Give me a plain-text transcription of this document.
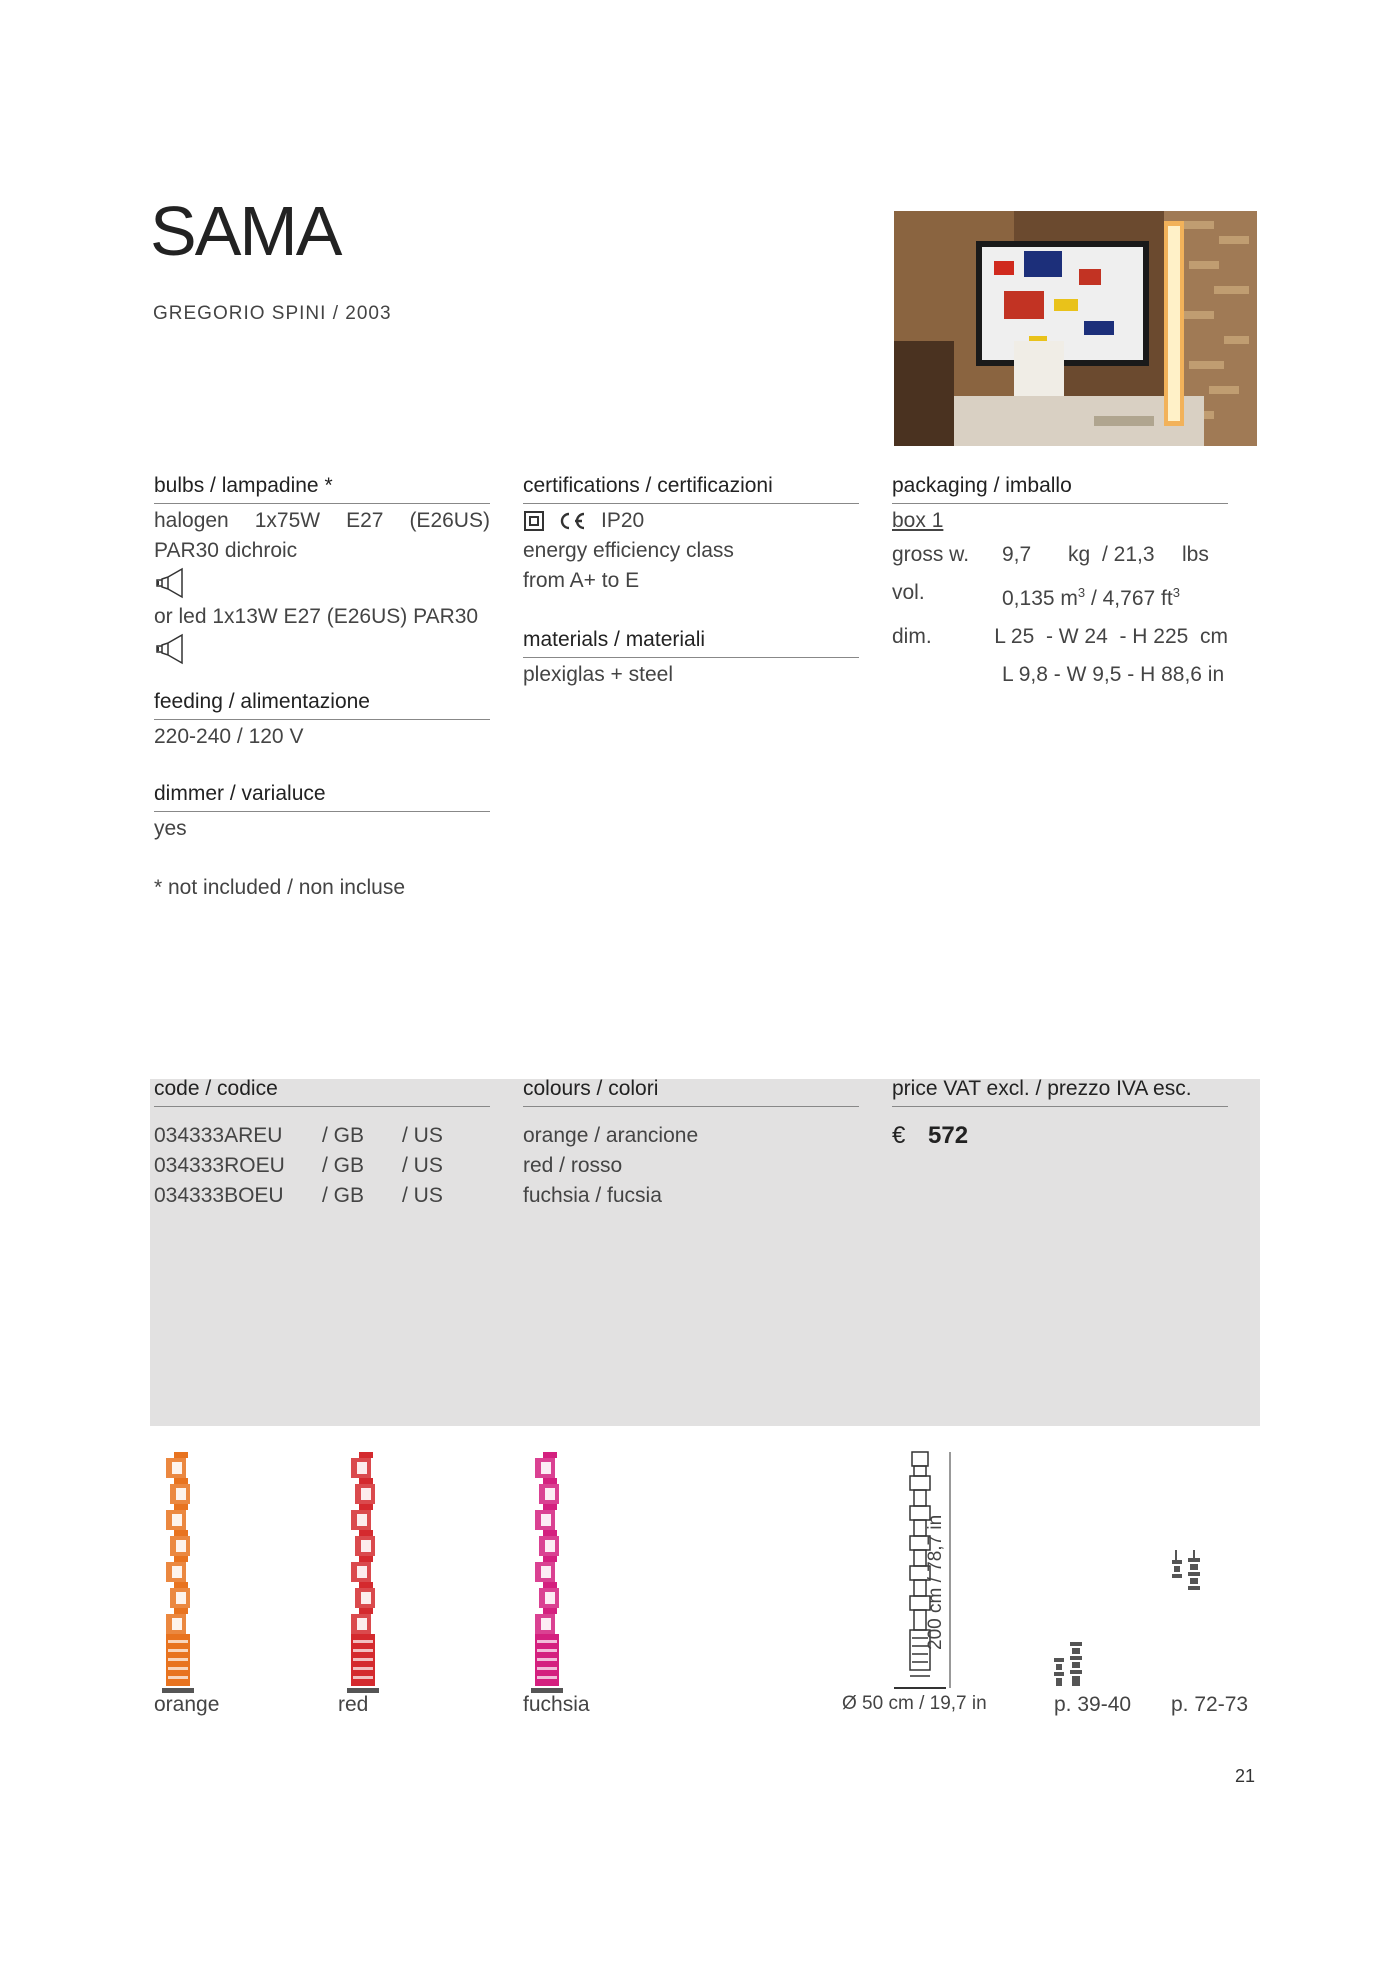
SAMA
GREGORIO SPINI / 2003
bulbs / lampadine *
halogen 1x75W E27 (E26US)
PAR30 dichroic
or led 1x13W E27 (E26US) PAR30
feeding / alimentazione
220-240 / 120 V
dimmer / varialuce
yes
* not included / non incluse
certifications / certificazioni
IP20
energy efficiency class
from A+ to E
materials / materiali
plexiglas + steel
packaging / imballo
box 1
gross w.	9,7	kg / 21,3	lbs
vol.	0,135 $m^3 / 4,767$ $ft^3$
dim.	L 25  - W 24  - H 225  cm
L 9,8 - W 9,5 - H 88,6 in
code / codice
034333AREU	/ GB	/ US
034333ROEU	/ GB	/ US
034333BOEU	/ GB	/ US
colours / colori
orange / arancione
red / rosso
fuchsia / fucsia
price VAT excl. / prezzo IVA esc.
€ 572
orange	red	fuchsia
200 cm / 78,7 in
Ø 50 cm / 19,7 in	p. 39-40 p. 72-73
21
